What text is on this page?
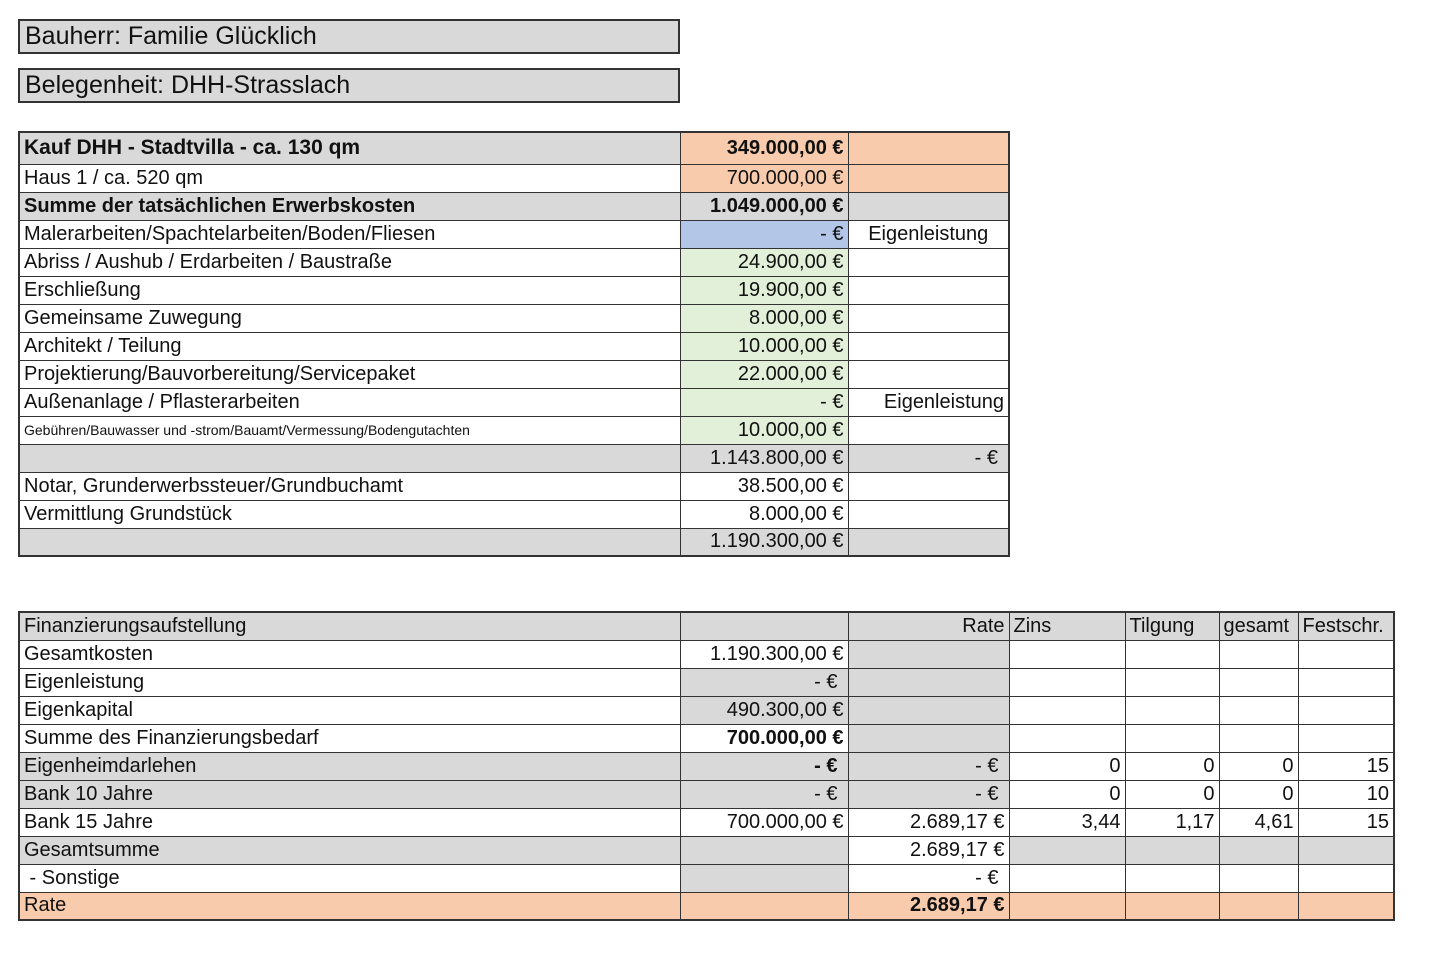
Bauherr: Familie Glücklich
Belegenheit: DHH-Strasslach
Kauf DHH - Stadtvilla - ca. 130 qm	349.000,00 €	
Haus 1 / ca. 520 qm	700.000,00 €	
Summe der tatsächlichen Erwerbskosten	1.049.000,00 €	
Malerarbeiten/Spachtelarbeiten/Boden/Fliesen	- €	Eigenleistung
Abriss / Aushub / Erdarbeiten / Baustraße	24.900,00 €	
Erschließung	19.900,00 €	
Gemeinsame Zuwegung	8.000,00 €	
Architekt / Teilung	10.000,00 €	
Projektierung/Bauvorbereitung/Servicepaket	22.000,00 €	
Außenanlage / Pflasterarbeiten	- €	Eigenleistung
Gebühren/Bauwasser und -strom/Bauamt/Vermessung/Bodengutachten	10.000,00 €	
	1.143.800,00 €	- €
Notar, Grunderwerbssteuer/Grundbuchamt	38.500,00 €	
Vermittlung Grundstück	8.000,00 €	
	1.190.300,00 €	
Finanzierungsaufstellung		Rate	Zins	Tilgung	gesamt	Festschr.
Gesamtkosten	1.190.300,00 €					
Eigenleistung	- €					
Eigenkapital	490.300,00 €					
Summe des Finanzierungsbedarf	700.000,00 €					
Eigenheimdarlehen	- €	- €	0	0	0	15
Bank 10 Jahre	- €	- €	0	0	0	10
Bank 15 Jahre	700.000,00 €	2.689,17 €	3,44	1,17	4,61	15
Gesamtsumme		2.689,17 €				
- Sonstige		- €				
Rate		2.689,17 €				
